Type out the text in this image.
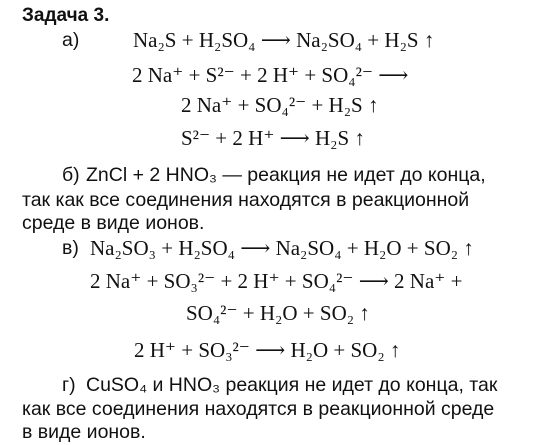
Задача 3.
а)	Na₂S + H₂SO₄ ⟶ Na₂SO₄ + H₂S ↑
2 Na⁺ + S²⁻ + 2 H⁺ + SO₄²⁻ ⟶
2 Na⁺ + SO₄²⁻ + H₂S ↑
S²⁻ + 2 H⁺ ⟶ H₂S ↑
б) ZnCl + 2 HNO₃ — реакция не идет до конца,
так как все соединения находятся в реакционной
среде в виде ионов.
в) Na₂SO₃ + H₂SO₄ ⟶ Na₂SO₄ + H₂O + SO₂ ↑
2 Na⁺ + SO₃²⁻ + 2 H⁺ + SO₄²⁻ ⟶ 2 Na⁺ +
SO₄²⁻ + H₂O + SO₂ ↑
2 H⁺ + SO₃²⁻ ⟶ H₂O + SO₂ ↑
г) CuSO₄ и HNO₃ реакция не идет до конца, так
как все соединения находятся в реакционной среде
в виде ионов.
